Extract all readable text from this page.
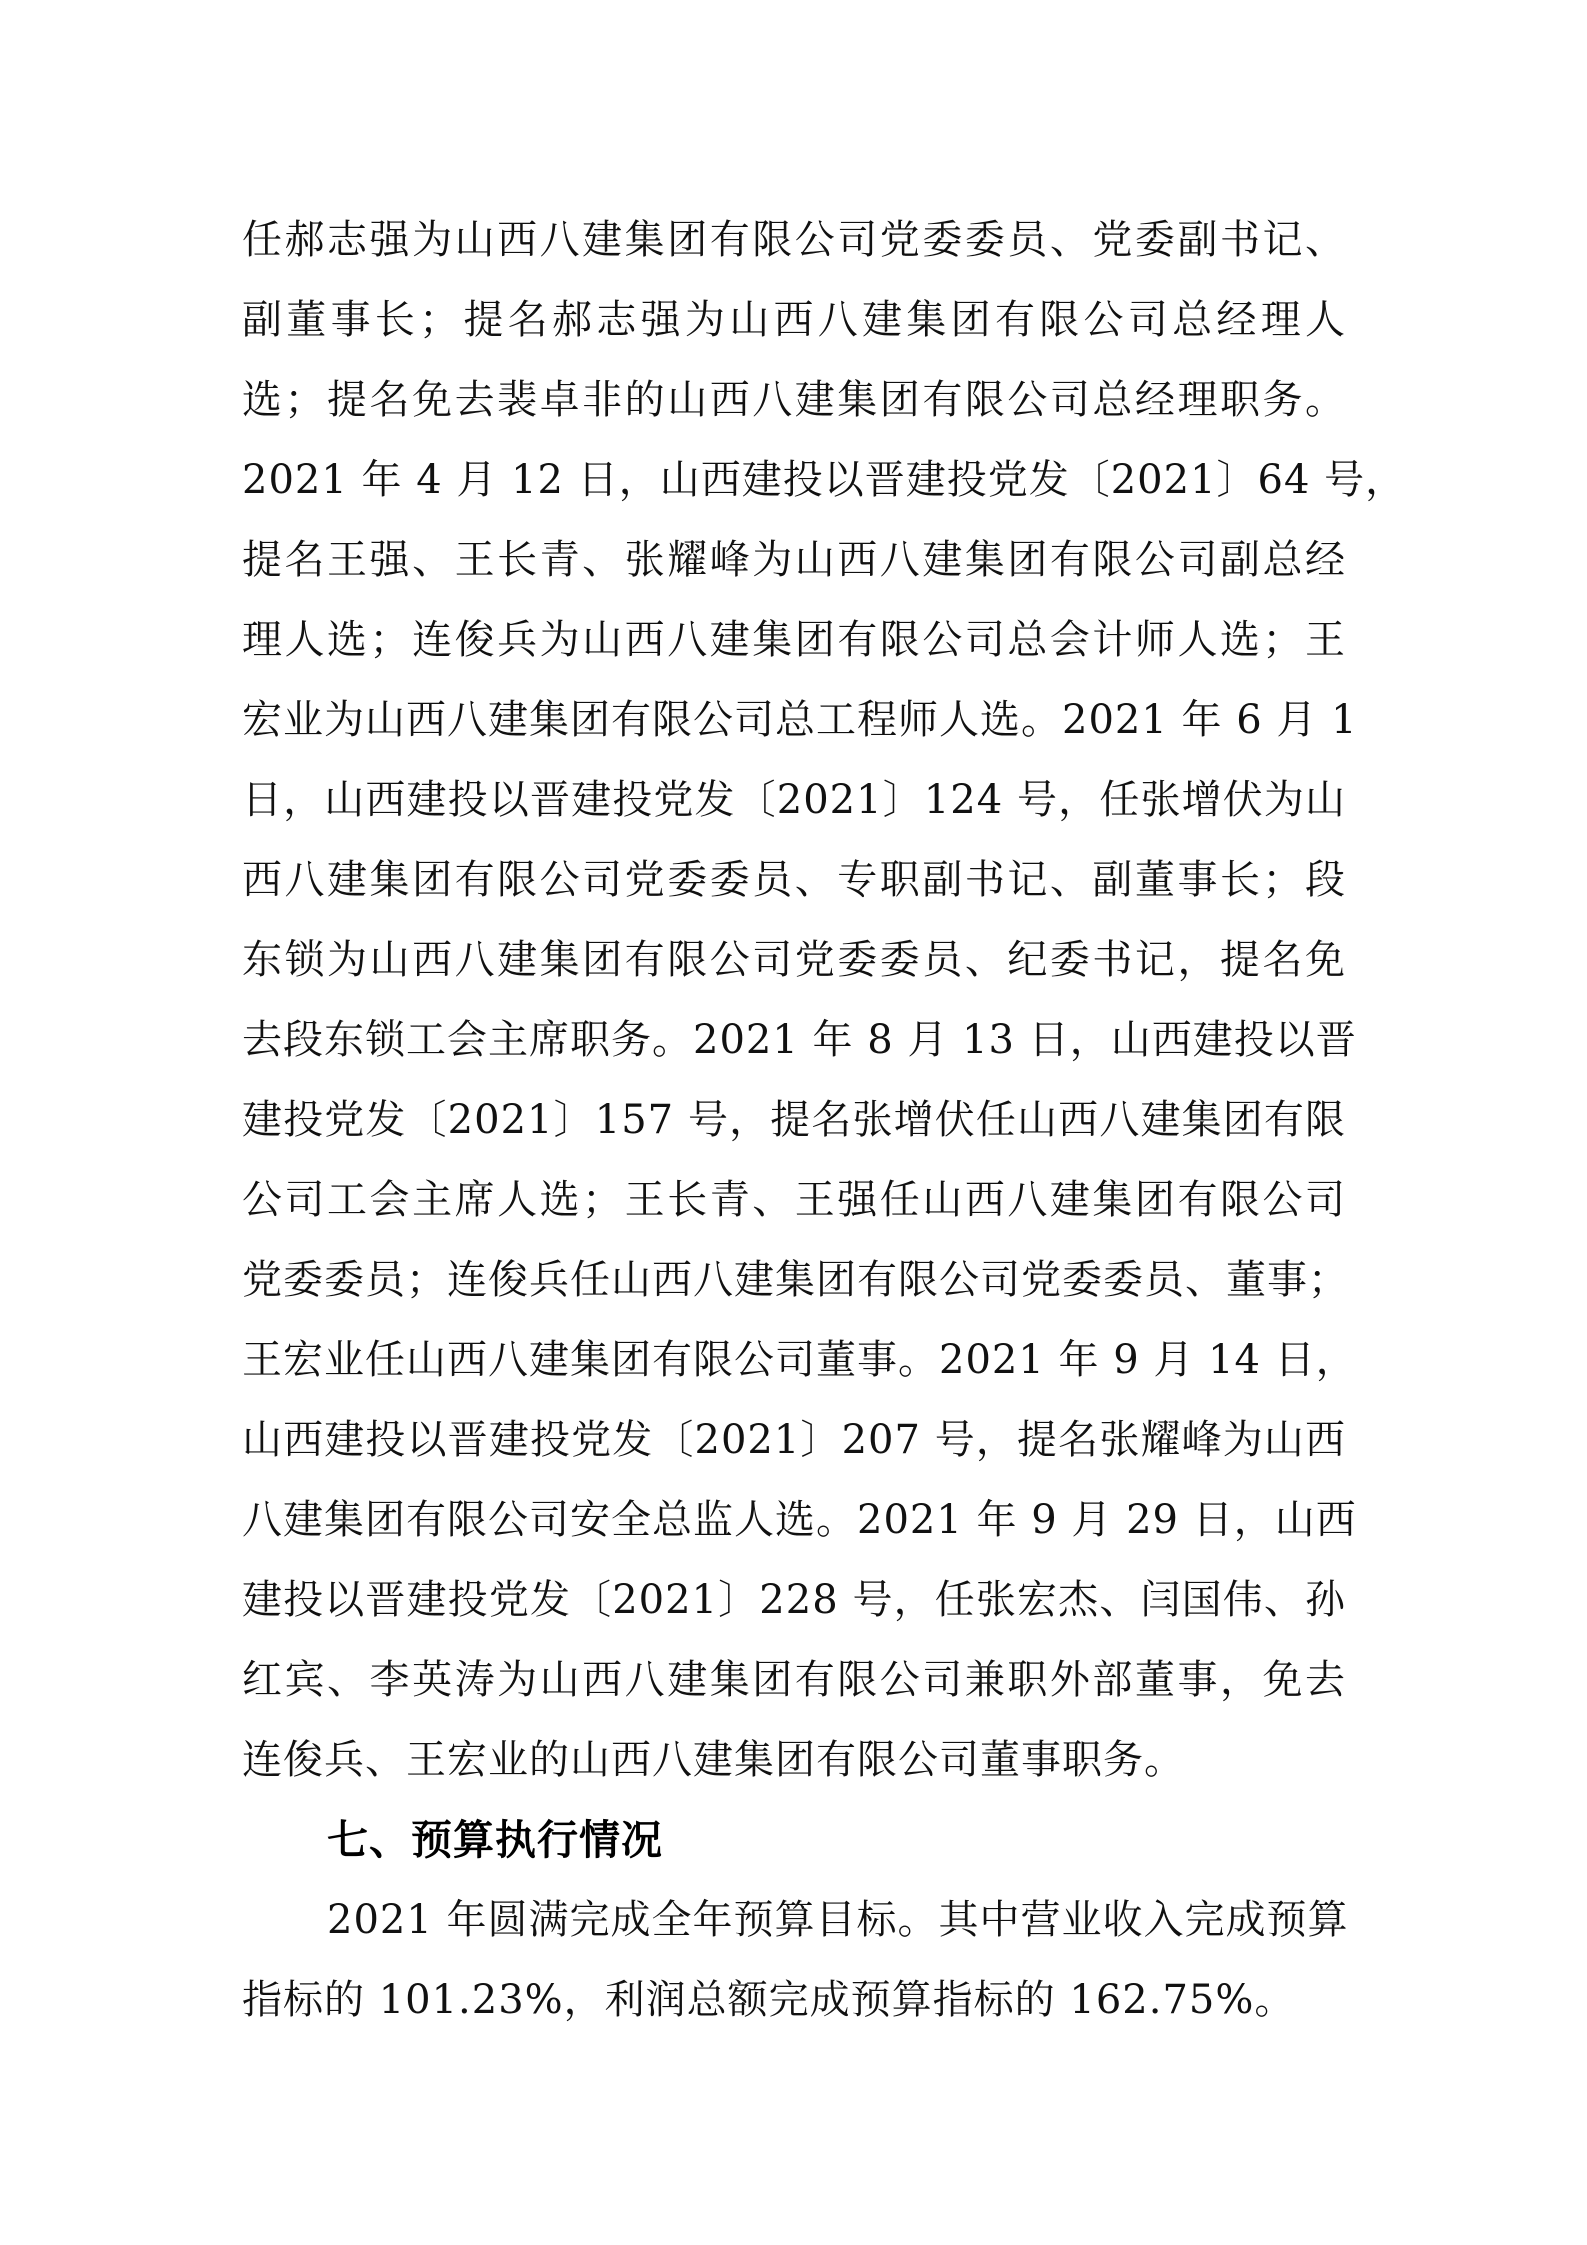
任郝志强为山西八建集团有限公司党委委员、党委副书记、
副董事长；提名郝志强为山西八建集团有限公司总经理人
选；提名免去裴卓非的山西八建集团有限公司总经理职务。
2021 年 4 月 12 日，山西建投以晋建投党发〔2021〕64 号，
提名王强、王长青、张耀峰为山西八建集团有限公司副总经
理人选；连俊兵为山西八建集团有限公司总会计师人选；王
宏业为山西八建集团有限公司总工程师人选。2021 年 6 月 1
日，山西建投以晋建投党发〔2021〕124 号，任张增伏为山
西八建集团有限公司党委委员、专职副书记、副董事长；段
东锁为山西八建集团有限公司党委委员、纪委书记，提名免
去段东锁工会主席职务。2021 年 8 月 13 日，山西建投以晋
建投党发〔2021〕157 号，提名张增伏任山西八建集团有限
公司工会主席人选；王长青、王强任山西八建集团有限公司
党委委员；连俊兵任山西八建集团有限公司党委委员、董事；
王宏业任山西八建集团有限公司董事。2021 年 9 月 14 日，
山西建投以晋建投党发〔2021〕207 号，提名张耀峰为山西
八建集团有限公司安全总监人选。2021 年 9 月 29 日，山西
建投以晋建投党发〔2021〕228 号，任张宏杰、闫国伟、孙
红宾、李英涛为山西八建集团有限公司兼职外部董事，免去
连俊兵、王宏业的山西八建集团有限公司董事职务。
七、预算执行情况
2021 年圆满完成全年预算目标。其中营业收入完成预算
指标的 101.23%，利润总额完成预算指标的 162.75%。
